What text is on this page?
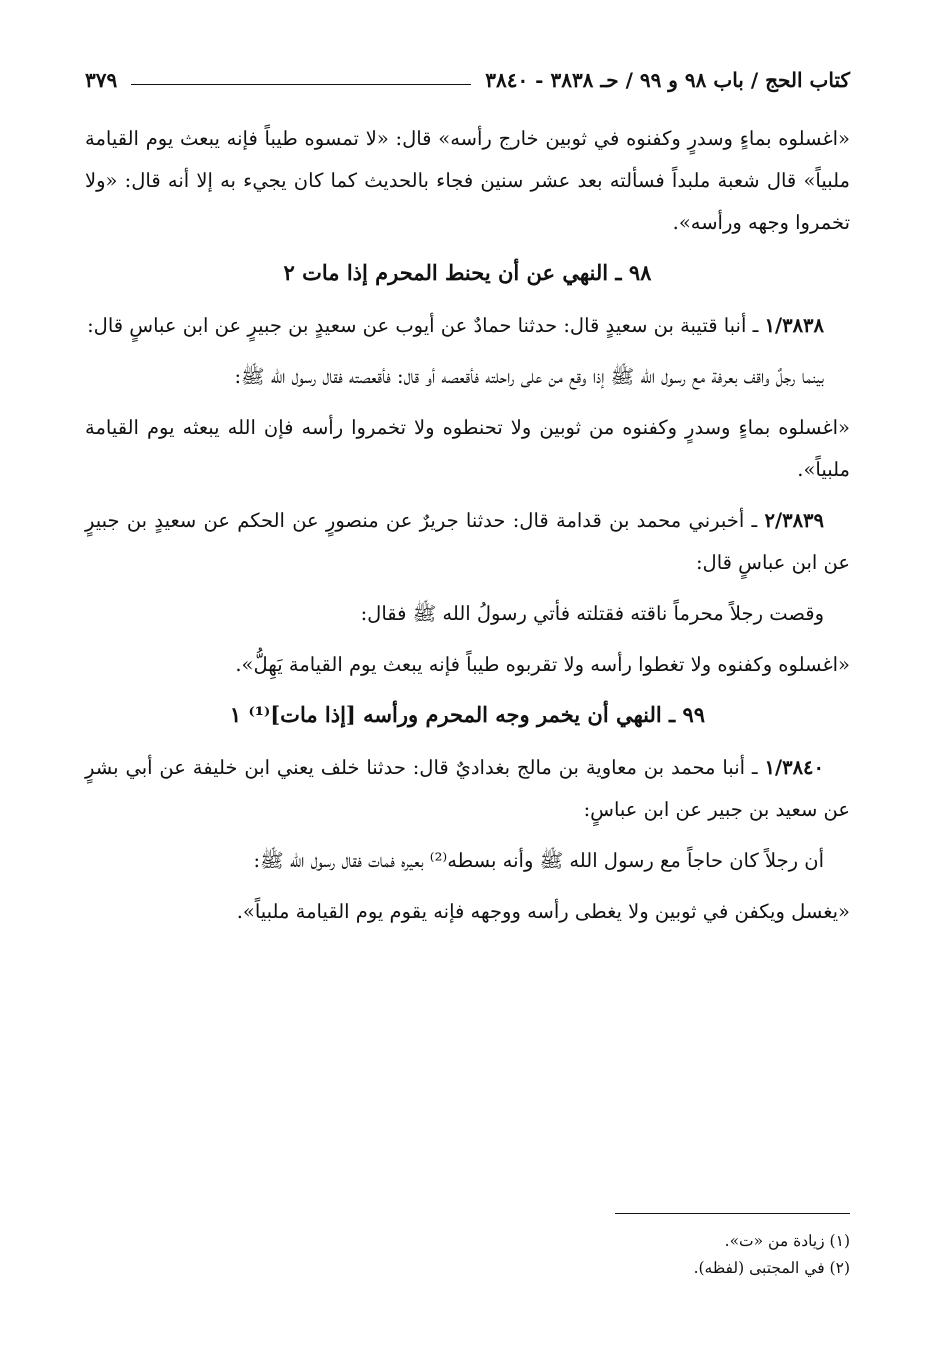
كتاب الحج / باب ٩٨ و ٩٩ / حـ ٣٨٣٨ - ٣٨٤٠
٣٧٩

«اغسلوه بماءٍ وسدرٍ وكفنوه في ثوبين خارج رأسه» قال: «لا تمسوه طيباً فإنه يبعث يوم القيامة ملبياً» قال شعبة ملبداً فسألته بعد عشر سنين فجاء بالحديث كما كان يجيء به إلا أنه قال: «ولا تخمروا وجهه ورأسه».

٩٨ ـ النهي عن أن يحنط المحرم إذا مات ٢

١/٣٨٣٨ ـ أنبا قتيبة بن سعيدٍ قال: حدثنا حمادٌ عن أيوب عن سعيدٍ بن جبيرٍ عن ابن عباسٍ قال:

بينما رجلٌ واقف بعرفة مع رسول الله ﷺ إذا وقع من على راحلته فأقعصه أو قال: فأقعصته فقال رسول الله ﷺ:

«اغسلوه بماءٍ وسدرٍ وكفنوه من ثوبين ولا تحنطوه ولا تخمروا رأسه فإن الله يبعثه يوم القيامة ملبياً».

٢/٣٨٣٩ ـ أخبرني محمد بن قدامة قال: حدثنا جريرٌ عن منصورٍ عن الحكم عن سعيدٍ بن جبيرٍ عن ابن عباسٍ قال:

وقصت رجلاً محرماً ناقته فقتلته فأتي رسولُ الله ﷺ فقال:

«اغسلوه وكفنوه ولا تغطوا رأسه ولا تقربوه طيباً فإنه يبعث يوم القيامة يَهِلُّ».

٩٩ ـ النهي أن يخمر وجه المحرم ورأسه [إذا مات]⁽¹⁾ ١

١/٣٨٤٠ ـ أنبا محمد بن معاوية بن مالج بغداديٌ قال: حدثنا خلف يعني ابن خليفة عن أبي بشرٍ عن سعيد بن جبير عن ابن عباسٍ:

أن رجلاً كان حاجاً مع رسول الله ﷺ وأنه بسطه⁽²⁾ بعيره فمات فقال رسول الله ﷺ:

«يغسل ويكفن في ثوبين ولا يغطى رأسه ووجهه فإنه يقوم يوم القيامة ملبياً».

(١) زيادة من «ت».

(٢) في المجتبى (لفظه).
